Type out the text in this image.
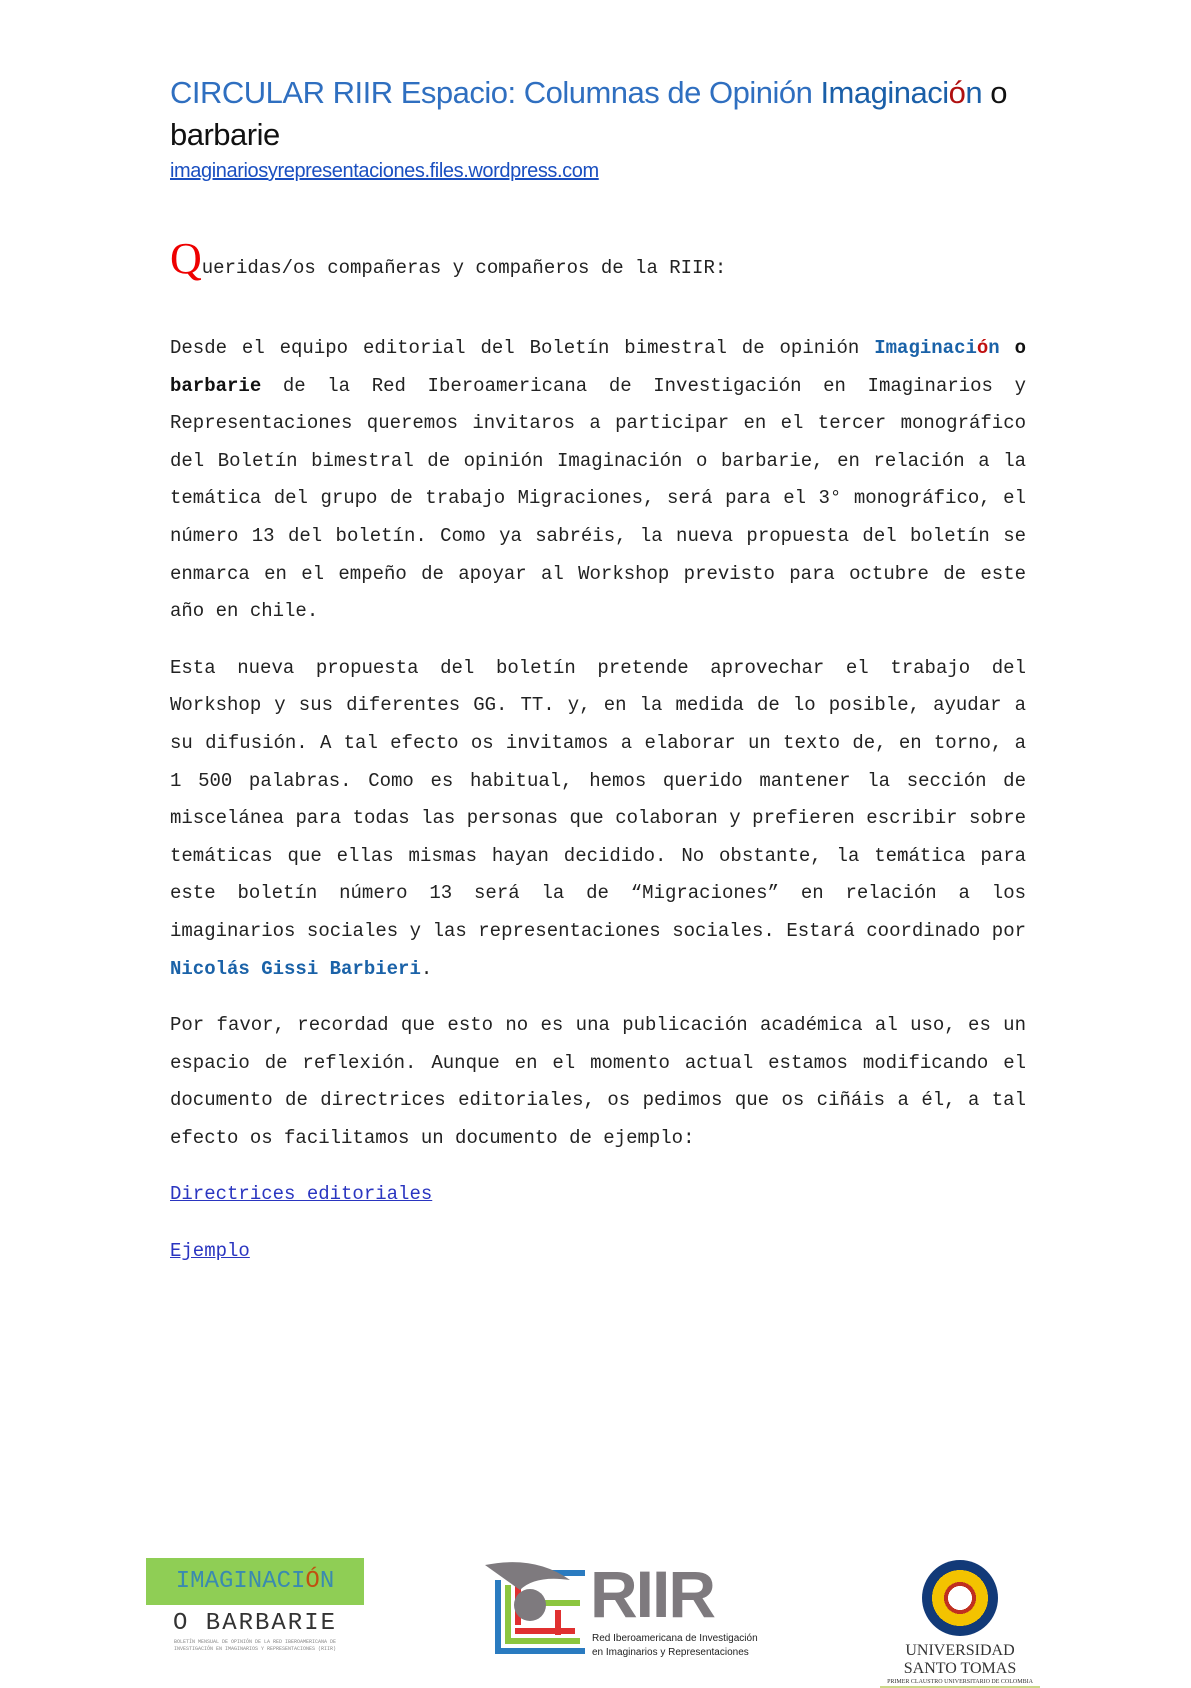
CIRCULAR RIIR Espacio: Columnas de Opinión Imaginación o barbarie
imaginariosyrepresentaciones.files.wordpress.com
Queridas/os compañeras y compañeros de la RIIR:

Desde el equipo editorial del Boletín bimestral de opinión Imaginación o barbarie de la Red Iberoamericana de Investigación en Imaginarios y Representaciones queremos invitaros a participar en el tercer monográfico del Boletín bimestral de opinión Imaginación o barbarie, en relación a la temática del grupo de trabajo Migraciones, será para el 3° monográfico, el número 13 del boletín. Como ya sabréis, la nueva propuesta del boletín se enmarca en el empeño de apoyar al Workshop previsto para octubre de este año en chile.

Esta nueva propuesta del boletín pretende aprovechar el trabajo del Workshop y sus diferentes GG. TT. y, en la medida de lo posible, ayudar a su difusión. A tal efecto os invitamos a elaborar un texto de, en torno, a 1 500 palabras. Como es habitual, hemos querido mantener la sección de miscelánea para todas las personas que colaboran y prefieren escribir sobre temáticas que ellas mismas hayan decidido. No obstante, la temática para este boletín número 13 será la de “Migraciones” en relación a los imaginarios sociales y las representaciones sociales. Estará coordinado por Nicolás Gissi Barbieri.

Por favor, recordad que esto no es una publicación académica al uso, es un espacio de reflexión. Aunque en el momento actual estamos modificando el documento de directrices editoriales, os pedimos que os ciñáis a él, a tal efecto os facilitamos un documento de ejemplo:

Directrices editoriales
Ejemplo
IMAGINACIÓN
O BARBARIE
BOLETÍN MENSUAL DE OPINIÓN DE LA RED IBEROAMERICANA DE INVESTIGACIÓN EN IMAGINARIOS Y REPRESENTACIONES (RIIR)
RIIR
Red Iberoamericana de Investigación
en Imaginarios y Representaciones	UNIVERSIDAD SANTO TOMAS
PRIMER CLAUSTRO UNIVERSITARIO DE COLOMBIA
